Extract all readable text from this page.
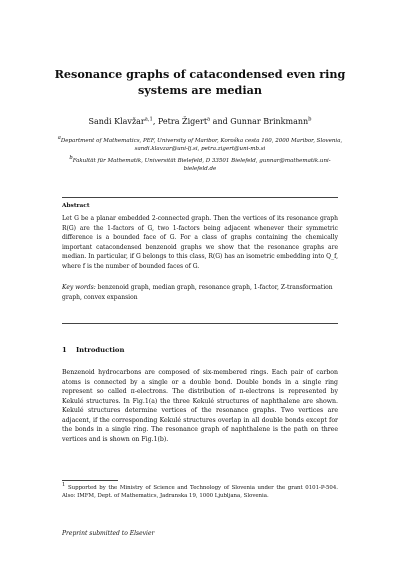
Resonance graphs of catacondensed even ring systems are median
Sandi Klavžar$^{a,1}$, Petra Žigert$^a$ and Gunnar Brinkmann$^b$
aDepartment of Mathematics, PEF, University of Maribor, Koroška cesta 160, 2000 Maribor, Slovenia, sandi.klavzar@uni-lj.si, petra.zigert@uni-mb.si
bFakultät für Mathematik, Universität Bielefeld, D 33501 Bielefeld, gunnar@mathematik.uni-bielefeld.de
Abstract
Let G be a planar embedded 2-connected graph. Then the vertices of its resonance graph R(G) are the 1-factors of G, two 1-factors being adjacent whenever their symmetric difference is a bounded face of G. For a class of graphs containing the chemically important catacondensed benzenoid graphs we show that the resonance graphs are median. In particular, if G belongs to this class, R(G) has an isometric embedding into Q_f, where f is the number of bounded faces of G.
Key words: benzenoid graph, median graph, resonance graph, 1-factor, Z-transformation graph, convex expansion
1 Introduction
Benzenoid hydrocarbons are composed of six-membered rings. Each pair of carbon atoms is connected by a single or a double bond. Double bonds in a single ring represent so called π-electrons. The distribution of π-electrons is represented by Kekulé structures. In Fig.1(a) the three Kekulé structures of naphthalene are shown. Kekulé structures determine vertices of the resonance graphs. Two vertices are adjacent, if the corresponding Kekulé structures overlap in all double bonds except for the bonds in a single ring. The resonance graph of naphthalene is the path on three vertices and is shown on Fig.1(b).
1 Supported by the Ministry of Science and Technology of Slovenia under the grant 0101-P-504. Also: IMFM, Dept. of Mathematics, Jadranska 19, 1000 Ljubljana, Slovenia.
Preprint submitted to Elsevier
